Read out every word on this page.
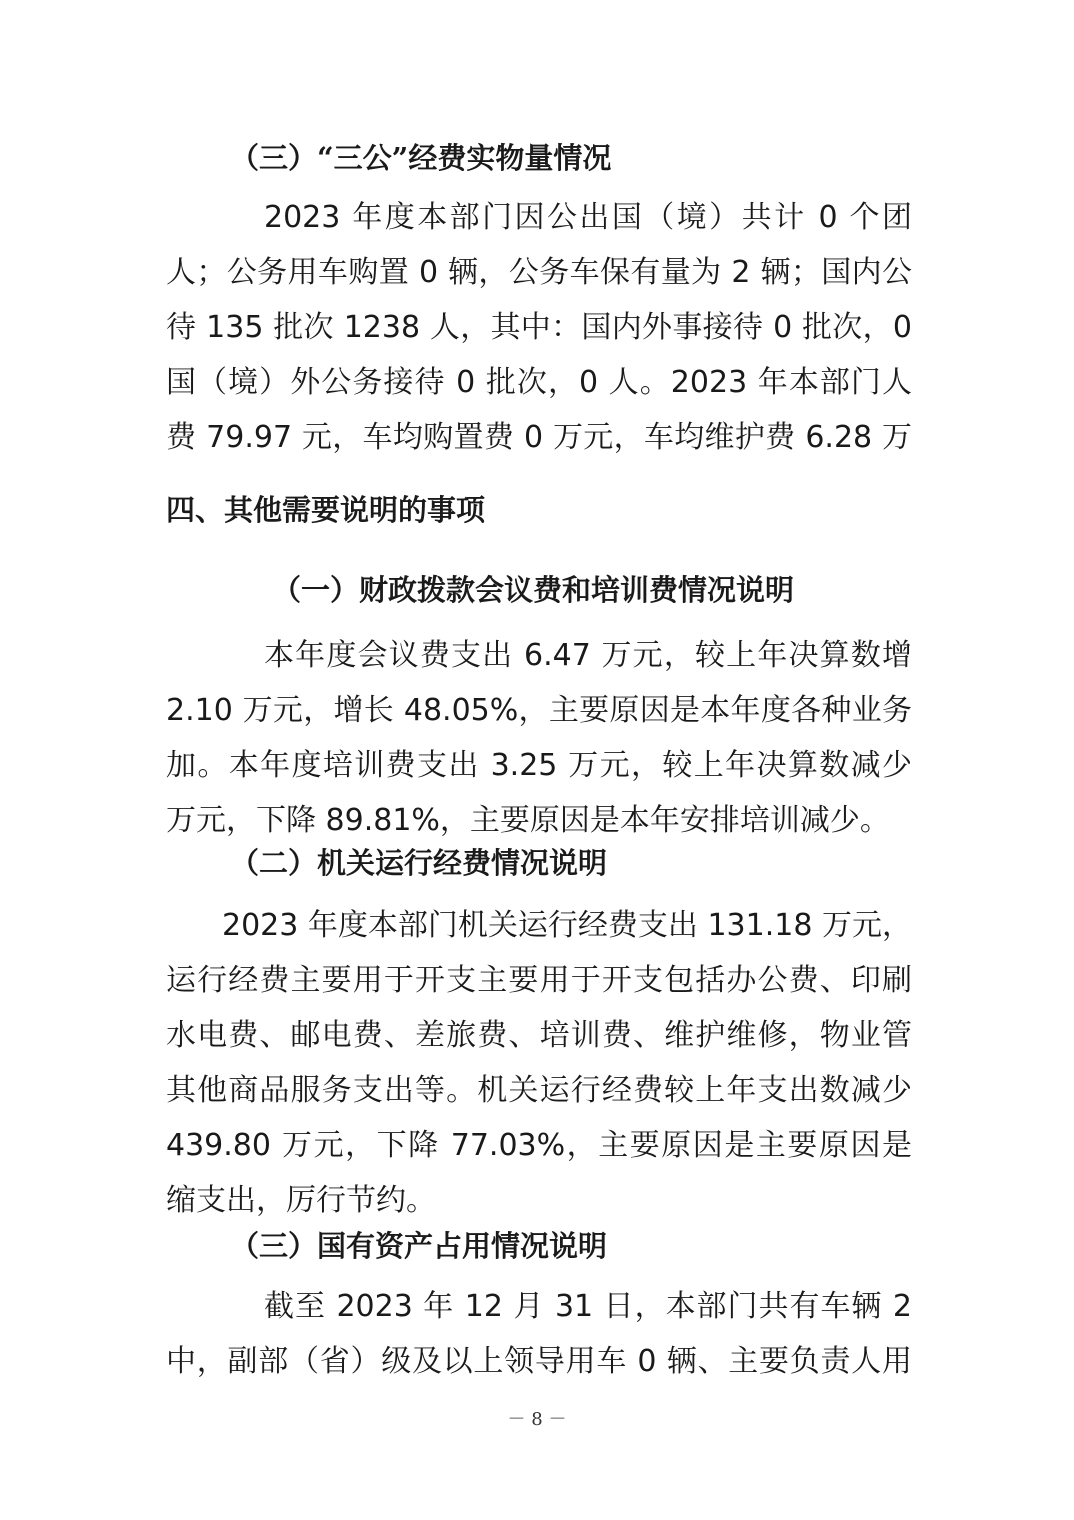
（三）“三公”经费实物量情况
2023 年度本部门因公出国（境）共计 0 个团
人；公务用车购置 0 辆，公务车保有量为 2 辆；国内公
待 135 批次 1238 人，其中：国内外事接待 0 批次，0
国（境）外公务接待 0 批次，0 人。2023 年本部门人
费 79.97 元，车均购置费 0 万元，车均维护费 6.28 万
四、其他需要说明的事项
（一）财政拨款会议费和培训费情况说明
本年度会议费支出 6.47 万元，较上年决算数增
2.10 万元，增长 48.05%，主要原因是本年度各种业务
加。本年度培训费支出 3.25 万元，较上年决算数减少
万元，下降 89.81%，主要原因是本年安排培训减少。
（二）机关运行经费情况说明
2023 年度本部门机关运行经费支出 131.18 万元，
运行经费主要用于开支主要用于开支包括办公费、印刷
水电费、邮电费、差旅费、培训费、维护维修，物业管
其他商品服务支出等。机关运行经费较上年支出数减少
439.80 万元，下降 77.03%，主要原因是主要原因是
缩支出，厉行节约。
（三）国有资产占用情况说明
截至 2023 年 12 月 31 日，本部门共有车辆 2
中，副部（省）级及以上领导用车 0 辆、主要负责人用
－ 8 －
